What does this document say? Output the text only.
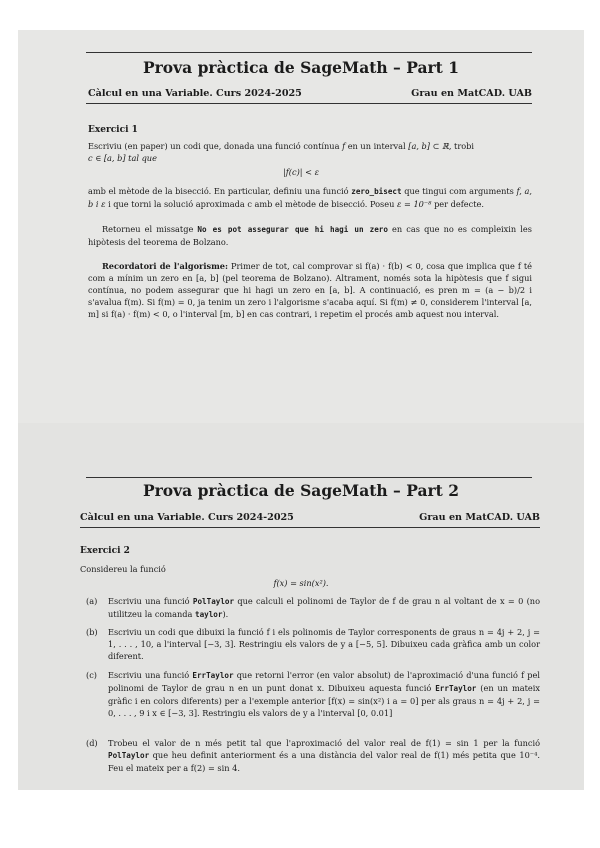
Prova pràctica de SageMath – Part 1
Càlcul en una Variable. Curs 2024-2025	Grau en MatCAD. UAB
Exercici 1
Escriviu (en paper) un codi que, donada una funció contínua f en un interval [a, b] ⊂ ℝ, trobi
c ∈ [a, b] tal que
|f(c)| < ε
amb el mètode de la bisecció. En particular, definiu una funció zero_bisect que tingui com arguments f, a, b i ε i que torni la solució aproximada c amb el mètode de bisecció. Poseu ε = 10⁻⁸ per defecte.
Retorneu el missatge No es pot assegurar que hi hagi un zero en cas que no es compleixin les hipòtesis del teorema de Bolzano.
Recordatori de l'algorisme: Primer de tot, cal comprovar si f(a) · f(b) < 0, cosa que implica que f té com a mínim un zero en [a, b] (pel teorema de Bolzano). Altrament, només sota la hipòtesis que f sigui contínua, no podem assegurar que hi hagi un zero en [a, b]. A continuació, es pren m = (a − b)/2 i s'avalua f(m). Si f(m) = 0, ja tenim un zero i l'algorisme s'acaba aquí. Si f(m) ≠ 0, considerem l'interval [a, m] si f(a) · f(m) < 0, o l'interval [m, b] en cas contrari, i repetim el procés amb aquest nou interval.
Prova pràctica de SageMath – Part 2
Càlcul en una Variable. Curs 2024-2025	Grau en MatCAD. UAB
Exercici 2
Considereu la funció
f(x) = sin(x²).
(a) Escriviu una funció PolTaylor que calculi el polinomi de Taylor de f de grau n al voltant de x = 0 (no utilitzeu la comanda taylor).
(b) Escriviu un codi que dibuixi la funció f i els polinomis de Taylor corresponents de graus n = 4j + 2, j = 1, . . . , 10, a l'interval [−3, 3]. Restringiu els valors de y a [−5, 5]. Dibuixeu cada gràfica amb un color diferent.
(c) Escriviu una funció ErrTaylor que retorni l'error (en valor absolut) de l'aproximació d'una funció f pel polinomi de Taylor de grau n en un punt donat x. Dibuixeu aquesta funció ErrTaylor (en un mateix gràfic i en colors diferents) per a l'exemple anterior [f(x) = sin(x²) i a = 0] per als graus n = 4j + 2, j = 0, . . . , 9 i x ∈ [−3, 3]. Restringiu els valors de y a l'interval [0, 0.01]
(d) Trobeu el valor de n més petit tal que l'aproximació del valor real de f(1) = sin 1 per la funció PolTaylor que heu definit anteriorment és a una distància del valor real de f(1) més petita que 10⁻⁴. Feu el mateix per a f(2) = sin 4.
